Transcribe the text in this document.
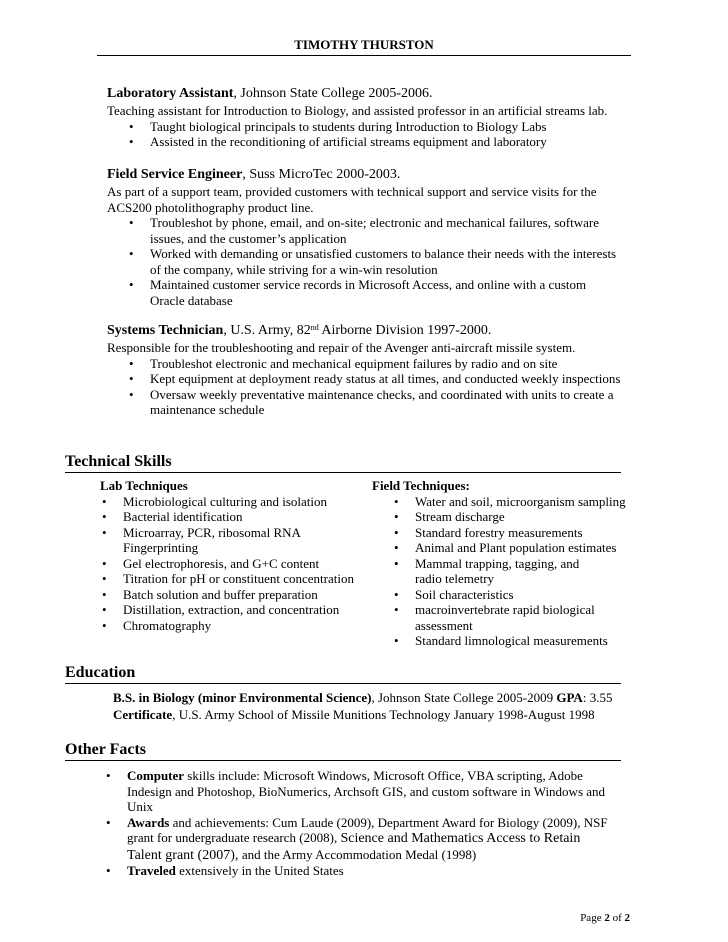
TIMOTHY THURSTON
Laboratory Assistant, Johnson State College 2005-2006.
Teaching assistant for Introduction to Biology, and assisted professor in an artificial streams lab.
• Taught biological principals to students during Introduction to Biology Labs
• Assisted in the reconditioning of artificial streams equipment and laboratory
Field Service Engineer, Suss MicroTec 2000-2003.
As part of a support team, provided customers with technical support and service visits for the ACS200 photolithography product line.
• Troubleshot by phone, email, and on-site; electronic and mechanical failures, software issues, and the customer’s application
• Worked with demanding or unsatisfied customers to balance their needs with the interests of the company, while striving for a win-win resolution
• Maintained customer service records in Microsoft Access, and online with a custom Oracle database
Systems Technician, U.S. Army, 82nd Airborne Division 1997-2000.
Responsible for the troubleshooting and repair of the Avenger anti-aircraft missile system.
• Troubleshot electronic and mechanical equipment failures by radio and on site
• Kept equipment at deployment ready status at all times, and conducted weekly inspections
• Oversaw weekly preventative maintenance checks, and coordinated with units to create a maintenance schedule
Technical Skills
Lab Techniques
• Microbiological culturing and isolation
• Bacterial identification
• Microarray, PCR, ribosomal RNA Fingerprinting
• Gel electrophoresis, and G+C content
• Titration for pH or constituent concentration
• Batch solution and buffer preparation
• Distillation, extraction, and concentration
• Chromatography
Field Techniques:
• Water and soil, microorganism sampling
• Stream discharge
• Standard forestry measurements
• Animal and Plant population estimates
• Mammal trapping, tagging, and radio telemetry
• Soil characteristics
• macroinvertebrate rapid biological assessment
• Standard limnological measurements
Education
B.S. in Biology (minor Environmental Science), Johnson State College 2005-2009 GPA: 3.55
Certificate, U.S. Army School of Missile Munitions Technology January 1998-August 1998
Other Facts
• Computer skills include: Microsoft Windows, Microsoft Office, VBA scripting, Adobe Indesign and Photoshop, BioNumerics, Archsoft GIS, and custom software in Windows and Unix
• Awards and achievements: Cum Laude (2009), Department Award for Biology (2009), NSF grant for undergraduate research (2008), Science and Mathematics Access to Retain Talent grant (2007), and the Army Accommodation Medal (1998)
• Traveled extensively in the United States
Page 2 of 2
